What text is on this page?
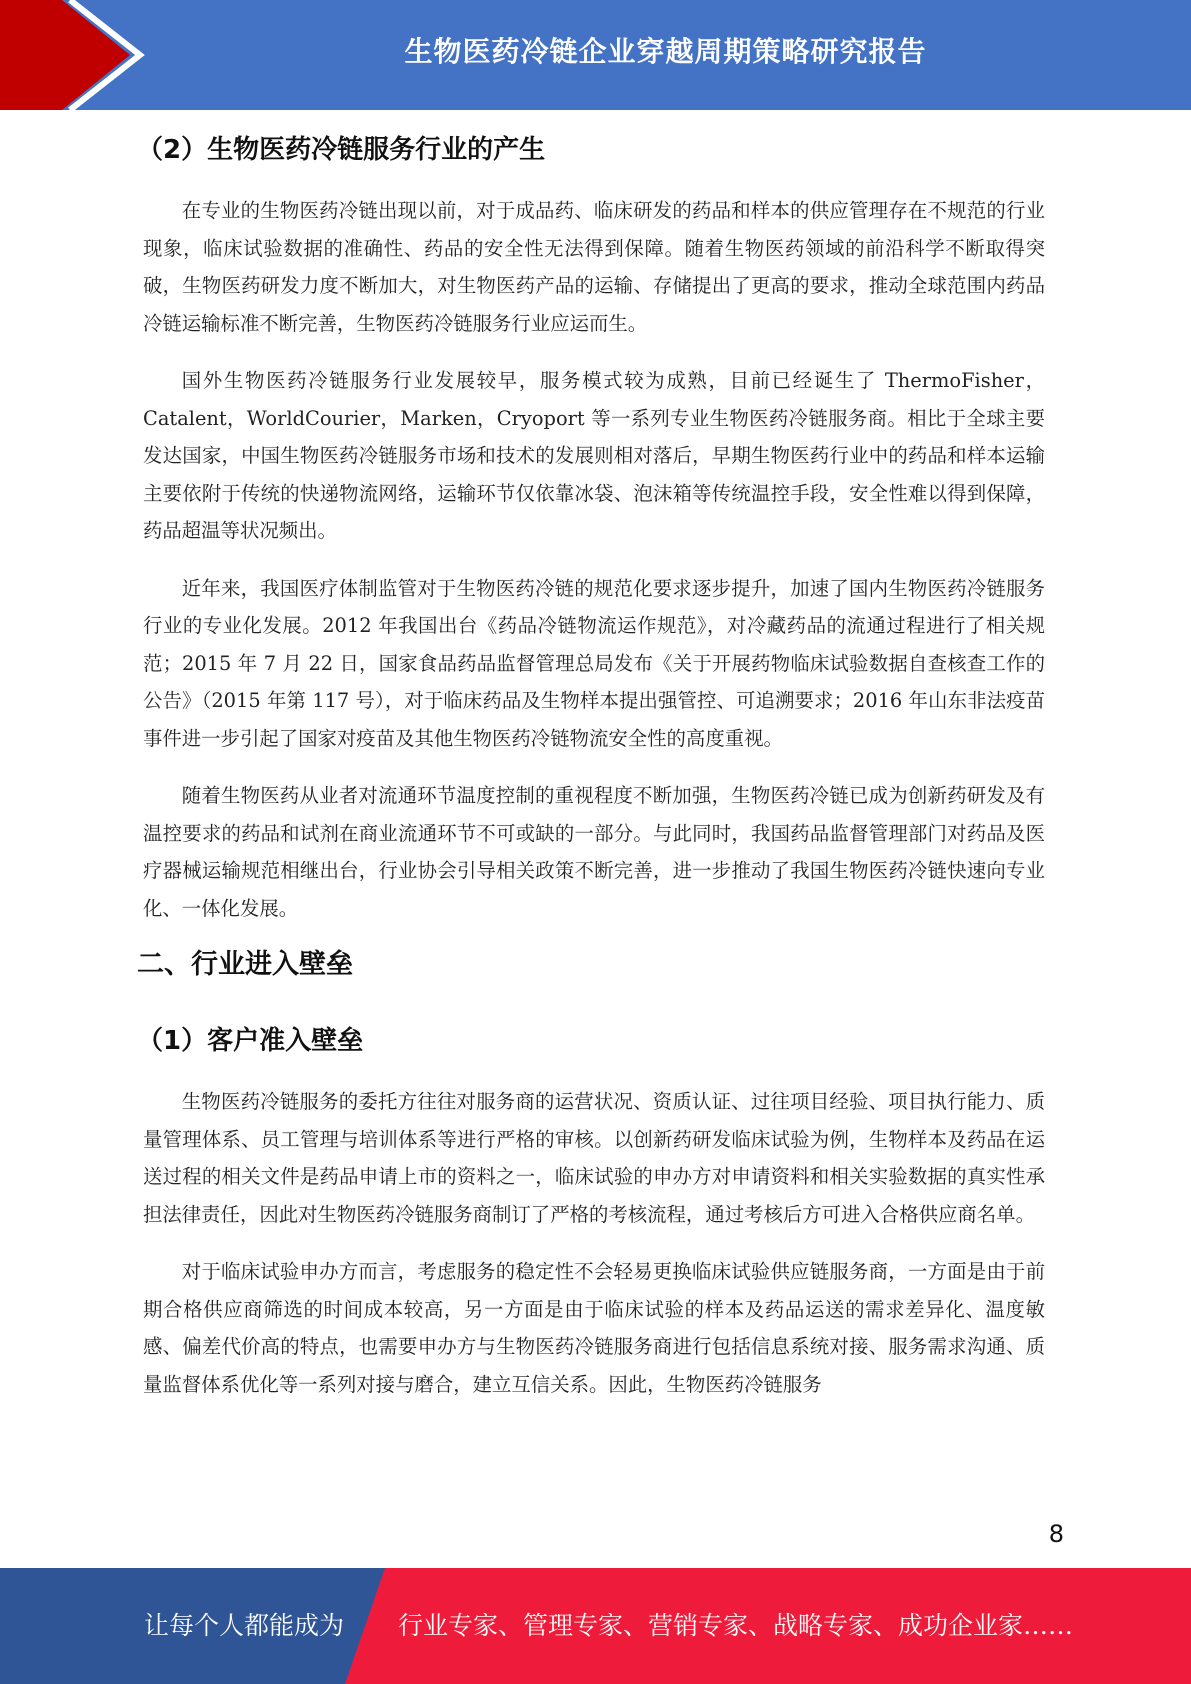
生物医药冷链企业穿越周期策略研究报告
（2）生物医药冷链服务行业的产生

在专业的生物医药冷链出现以前，对于成品药、临床研发的药品和样本的供应管理存在不规范的行业现象，临床试验数据的准确性、药品的安全性无法得到保障。随着生物医药领域的前沿科学不断取得突破，生物医药研发力度不断加大，对生物医药产品的运输、存储提出了更高的要求，推动全球范围内药品冷链运输标准不断完善，生物医药冷链服务行业应运而生。

国外生物医药冷链服务行业发展较早，服务模式较为成熟，目前已经诞生了 ThermoFisher，Catalent，WorldCourier，Marken，Cryoport 等一系列专业生物医药冷链服务商。相比于全球主要发达国家，中国生物医药冷链服务市场和技术的发展则相对落后，早期生物医药行业中的药品和样本运输主要依附于传统的快递物流网络，运输环节仅依靠冰袋、泡沫箱等传统温控手段，安全性难以得到保障，药品超温等状况频出。

近年来，我国医疗体制监管对于生物医药冷链的规范化要求逐步提升，加速了国内生物医药冷链服务行业的专业化发展。2012 年我国出台《药品冷链物流运作规范》，对冷藏药品的流通过程进行了相关规范；2015 年 7 月 22 日，国家食品药品监督管理总局发布《关于开展药物临床试验数据自查核查工作的公告》（2015 年第 117 号），对于临床药品及生物样本提出强管控、可追溯要求；2016 年山东非法疫苗事件进一步引起了国家对疫苗及其他生物医药冷链物流安全性的高度重视。

随着生物医药从业者对流通环节温度控制的重视程度不断加强，生物医药冷链已成为创新药研发及有温控要求的药品和试剂在商业流通环节不可或缺的一部分。与此同时，我国药品监督管理部门对药品及医疗器械运输规范相继出台，行业协会引导相关政策不断完善，进一步推动了我国生物医药冷链快速向专业化、一体化发展。

二、行业进入壁垒
（1）客户准入壁垒

生物医药冷链服务的委托方往往对服务商的运营状况、资质认证、过往项目经验、项目执行能力、质量管理体系、员工管理与培训体系等进行严格的审核。以创新药研发临床试验为例，生物样本及药品在运送过程的相关文件是药品申请上市的资料之一，临床试验的申办方对申请资料和相关实验数据的真实性承担法律责任，因此对生物医药冷链服务商制订了严格的考核流程，通过考核后方可进入合格供应商名单。

对于临床试验申办方而言，考虑服务的稳定性不会轻易更换临床试验供应链服务商，一方面是由于前期合格供应商筛选的时间成本较高，另一方面是由于临床试验的样本及药品运送的需求差异化、温度敏感、偏差代价高的特点，也需要申办方与生物医药冷链服务商进行包括信息系统对接、服务需求沟通、质量监督体系优化等一系列对接与磨合，建立互信关系。因此，生物医药冷链服务

8
让每个人都能成为 行业专家、管理专家、营销专家、战略专家、成功企业家……
